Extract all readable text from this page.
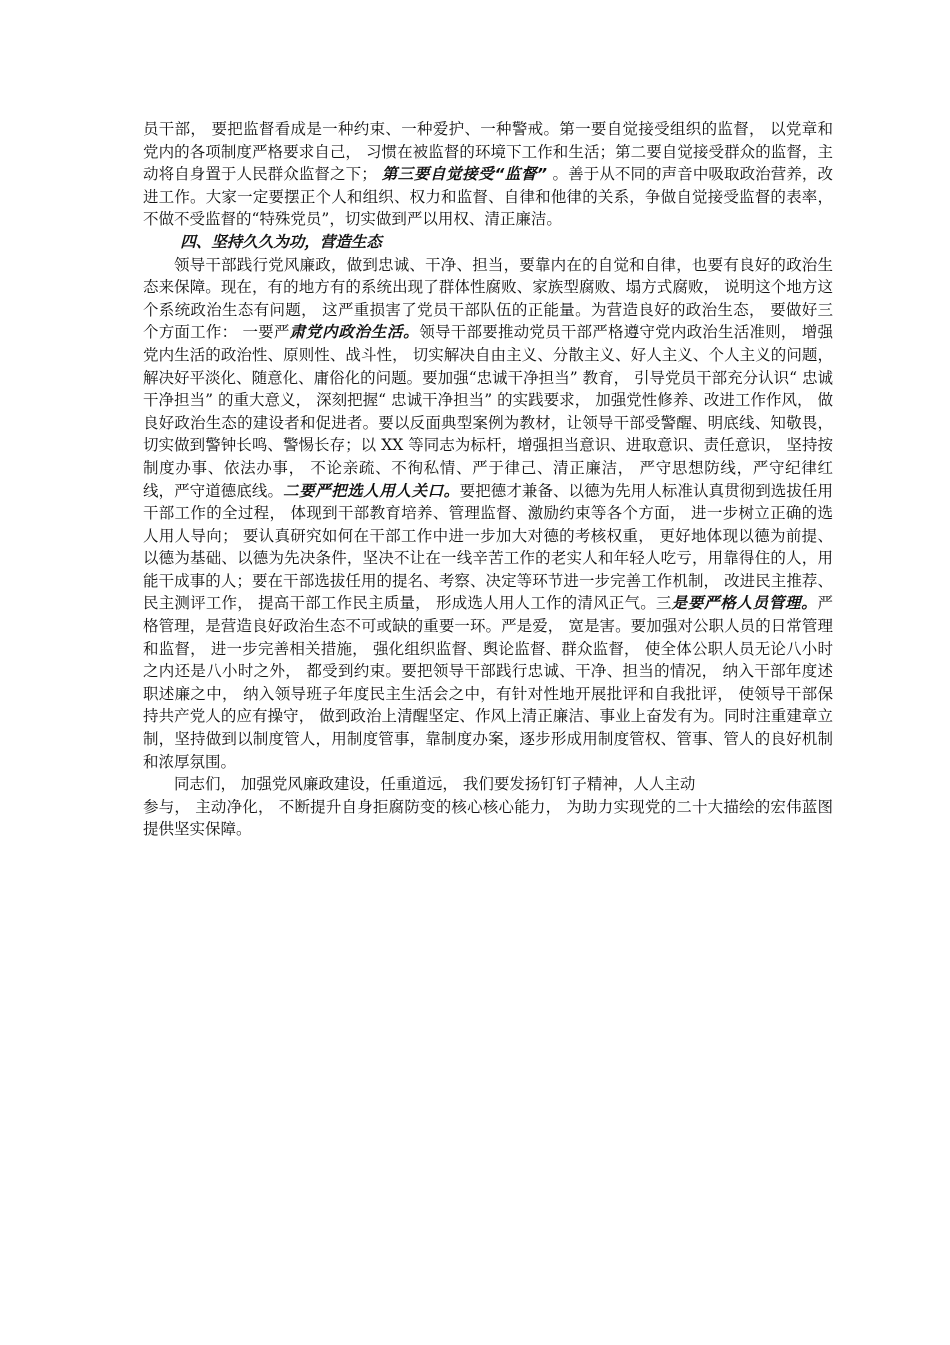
员干部， 要把监督看成是一种约束、一种爱护、一种警戒。第一要自觉接受组织的监督， 以党章和党内的各项制度严格要求自己， 习惯在被监督的环境下工作和生活；第二要自觉接受群众的监督，主动将自身置于人民群众监督之下； 第三要自觉接受“监督” 。善于从不同的声音中吸取政治营养，改进工作。大家一定要摆正个人和组织、权力和监督、自律和他律的关系，争做自觉接受监督的表率， 不做不受监督的“特殊党员”，切实做到严以用权、清正廉洁。

四、坚持久久为功，营造生态

领导干部践行党风廉政，做到忠诚、干净、担当，要靠内在的自觉和自律，也要有良好的政治生态来保障。现在，有的地方有的系统出现了群体性腐败、家族型腐败、塌方式腐败， 说明这个地方这个系统政治生态有问题， 这严重损害了党员干部队伍的正能量。为营造良好的政治生态， 要做好三个方面工作： 一要严肃党内政治生活。领导干部要推动党员干部严格遵守党内政治生活准则， 增强党内生活的政治性、原则性、战斗性， 切实解决自由主义、分散主义、好人主义、个人主义的问题， 解决好平淡化、随意化、庸俗化的问题。要加强“忠诚干净担当” 教育， 引导党员干部充分认识“ 忠诚干净担当” 的重大意义， 深刻把握“ 忠诚干净担当” 的实践要求， 加强党性修养、改进工作作风， 做良好政治生态的建设者和促进者。要以反面典型案例为教材，让领导干部受警醒、明底线、知敬畏， 切实做到警钟长鸣、警惕长存；以 XX 等同志为标杆，增强担当意识、进取意识、责任意识， 坚持按制度办事、依法办事， 不论亲疏、不徇私情、严于律己、清正廉洁， 严守思想防线，严守纪律红线，严守道德底线。二要严把选人用人关口。要把德才兼备、以德为先用人标准认真贯彻到选拔任用干部工作的全过程， 体现到干部教育培养、管理监督、激励约束等各个方面， 进一步树立正确的选人用人导向； 要认真研究如何在干部工作中进一步加大对德的考核权重， 更好地体现以德为前提、以德为基础、以德为先决条件，坚决不让在一线辛苦工作的老实人和年轻人吃亏，用靠得住的人，用能干成事的人；要在干部选拔任用的提名、考察、决定等环节进一步完善工作机制， 改进民主推荐、民主测评工作， 提高干部工作民主质量， 形成选人用人工作的清风正气。三是要严格人员管理。严格管理，是营造良好政治生态不可或缺的重要一环。严是爱， 宽是害。要加强对公职人员的日常管理和监督， 进一步完善相关措施， 强化组织监督、舆论监督、群众监督， 使全体公职人员无论八小时之内还是八小时之外， 都受到约束。要把领导干部践行忠诚、干净、担当的情况， 纳入干部年度述职述廉之中， 纳入领导班子年度民主生活会之中，有针对性地开展批评和自我批评， 使领导干部保持共产党人的应有操守， 做到政治上清醒坚定、作风上清正廉洁、事业上奋发有为。同时注重建章立制，坚持做到以制度管人，用制度管事，靠制度办案，逐步形成用制度管权、管事、管人的良好机制和浓厚氛围。

同志们， 加强党风廉政建设，任重道远， 我们要发扬钉钉子精神，人人主动

参与， 主动净化， 不断提升自身拒腐防变的核心核心能力， 为助力实现党的二十大描绘的宏伟蓝图提供坚实保障。
